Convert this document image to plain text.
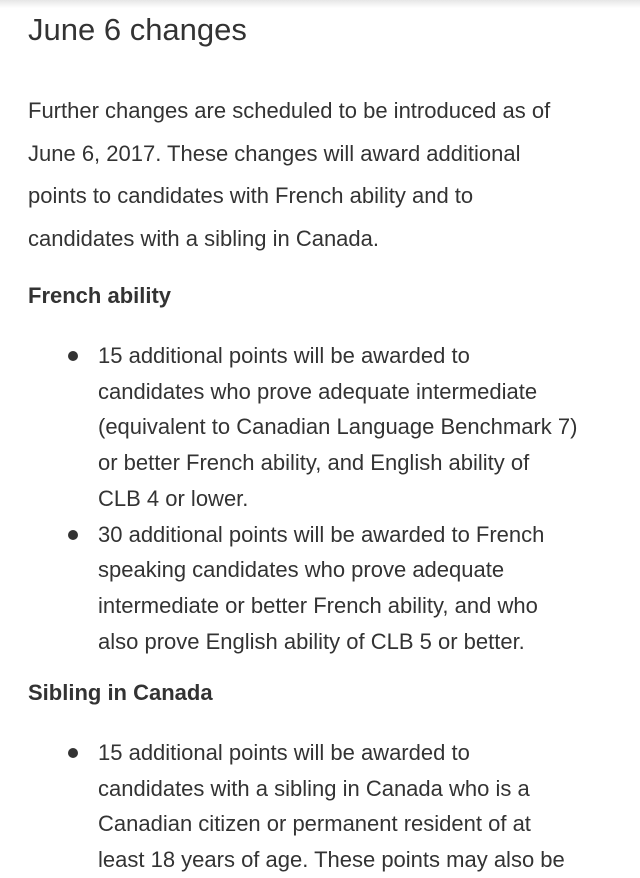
June 6 changes

Further changes are scheduled to be introduced as of
June 6, 2017. These changes will award additional
points to candidates with French ability and to
candidates with a sibling in Canada.

French ability
15 additional points will be awarded to
candidates who prove adequate intermediate
(equivalent to Canadian Language Benchmark 7)
or better French ability, and English ability of
CLB 4 or lower.
30 additional points will be awarded to French
speaking candidates who prove adequate
intermediate or better French ability, and who
also prove English ability of CLB 5 or better.
Sibling in Canada
15 additional points will be awarded to
candidates with a sibling in Canada who is a
Canadian citizen or permanent resident of at
least 18 years of age. These points may also be
